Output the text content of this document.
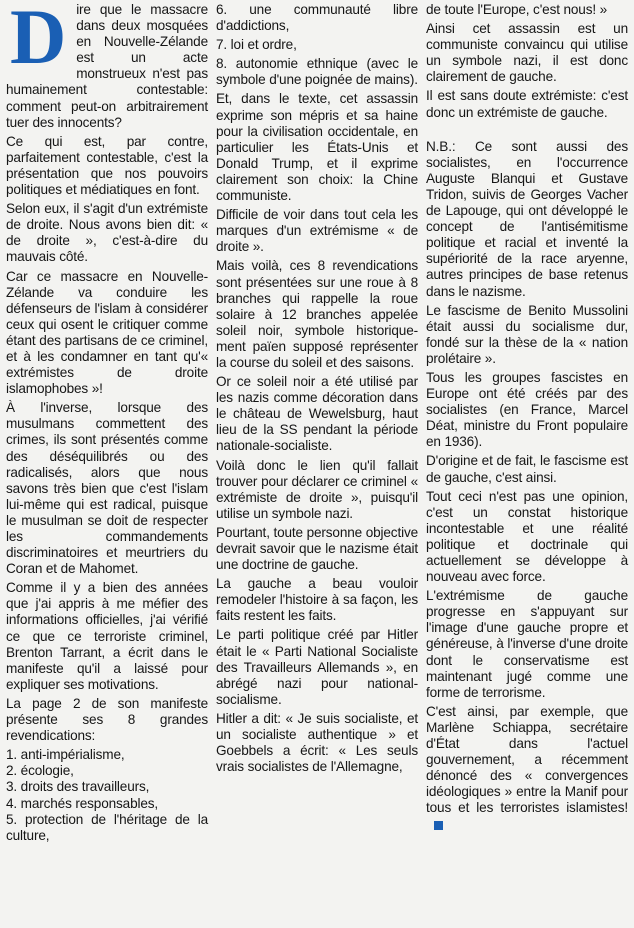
Dire que le massacre dans deux mosquées en Nouvelle-Zélande est un acte monstrueux n'est pas humainement contestable: comment peut-on arbitrairement tuer des innocents?

Ce qui est, par contre, parfaitement contestable, c'est la présentation que nos pouvoirs politiques et médiatiques en font.

Selon eux, il s'agit d'un extrémiste de droite. Nous avons bien dit: « de droite », c'est-à-dire du mauvais côté.

Car ce massacre en Nouvelle-Zélande va conduire les défenseurs de l'islam à considérer ceux qui osent le critiquer comme étant des partisans de ce criminel, et à les condamner en tant qu'« extrémistes de droite islamophobes »!

À l'inverse, lorsque des musulmans commettent des crimes, ils sont présentés comme des déséquilibrés ou des radicalisés, alors que nous savons très bien que c'est l'islam lui-même qui est radical, puisque le musulman se doit de respecter les commandements discriminatoires et meurtriers du Coran et de Mahomet.

Comme il y a bien des années que j'ai appris à me méfier des informations officielles, j'ai vérifié ce que ce terroriste criminel, Brenton Tarrant, a écrit dans le manifeste qu'il a laissé pour expliquer ses motivations.

La page 2 de son manifeste présente ses 8 grandes revendications:

1. anti-impérialisme,
2. écologie,
3. droits des travailleurs,
4. marchés responsables,
5. protection de l'héritage de la culture,

6. une communauté libre d'addictions,

7. loi et ordre,

8. autonomie ethnique (avec le symbole d'une poignée de mains).

Et, dans le texte, cet assassin exprime son mépris et sa haine pour la civilisation occidentale, en particulier les États-Unis et Donald Trump, et il exprime clairement son choix: la Chine communiste.

Difficile de voir dans tout cela les marques d'un extrémisme « de droite ».

Mais voilà, ces 8 revendications sont présentées sur une roue à 8 branches qui rappelle la roue solaire à 12 branches appelée soleil noir, symbole historique-ment païen supposé représenter la course du soleil et des saisons.

Or ce soleil noir a été utilisé par les nazis comme décoration dans le château de Wewelsburg, haut lieu de la SS pendant la période nationale-socialiste.

Voilà donc le lien qu'il fallait trouver pour déclarer ce criminel « extrémiste de droite », puisqu'il utilise un symbole nazi.

Pourtant, toute personne objective devrait savoir que le nazisme était une doctrine de gauche.

La gauche a beau vouloir remodeler l'histoire à sa façon, les faits restent les faits.

Le parti politique créé par Hitler était le « Parti National Socialiste des Travailleurs Allemands », en abrégé nazi pour national-socialisme.

Hitler a dit: « Je suis socialiste, et un socialiste authentique » et Goebbels a écrit: « Les seuls vrais socialistes de l'Allemagne,

de toute l'Europe, c'est nous! »

Ainsi cet assassin est un communiste convaincu qui utilise un symbole nazi, il est donc clairement de gauche.

Il est sans doute extrémiste: c'est donc un extrémiste de gauche.

N.B.: Ce sont aussi des socialistes, en l'occurrence Auguste Blanqui et Gustave Tridon, suivis de Georges Vacher de Lapouge, qui ont développé le concept de l'antisémitisme politique et racial et inventé la supériorité de la race aryenne, autres principes de base retenus dans le nazisme.

Le fascisme de Benito Mussolini était aussi du socialisme dur, fondé sur la thèse de la « nation prolétaire ».

Tous les groupes fascistes en Europe ont été créés par des socialistes (en France, Marcel Déat, ministre du Front populaire en 1936).

D'origine et de fait, le fascisme est de gauche, c'est ainsi.

Tout ceci n'est pas une opinion, c'est un constat historique incontestable et une réalité politique et doctrinale qui actuellement se développe à nouveau avec force.

L'extrémisme de gauche progresse en s'appuyant sur l'image d'une gauche propre et généreuse, à l'inverse d'une droite dont le conservatisme est maintenant jugé comme une forme de terrorisme.

C'est ainsi, par exemple, que Marlène Schiappa, secrétaire d'État dans l'actuel gouvernement, a récemment dénoncé des « convergences idéologiques » entre la Manif pour tous et les terroristes islamistes!
